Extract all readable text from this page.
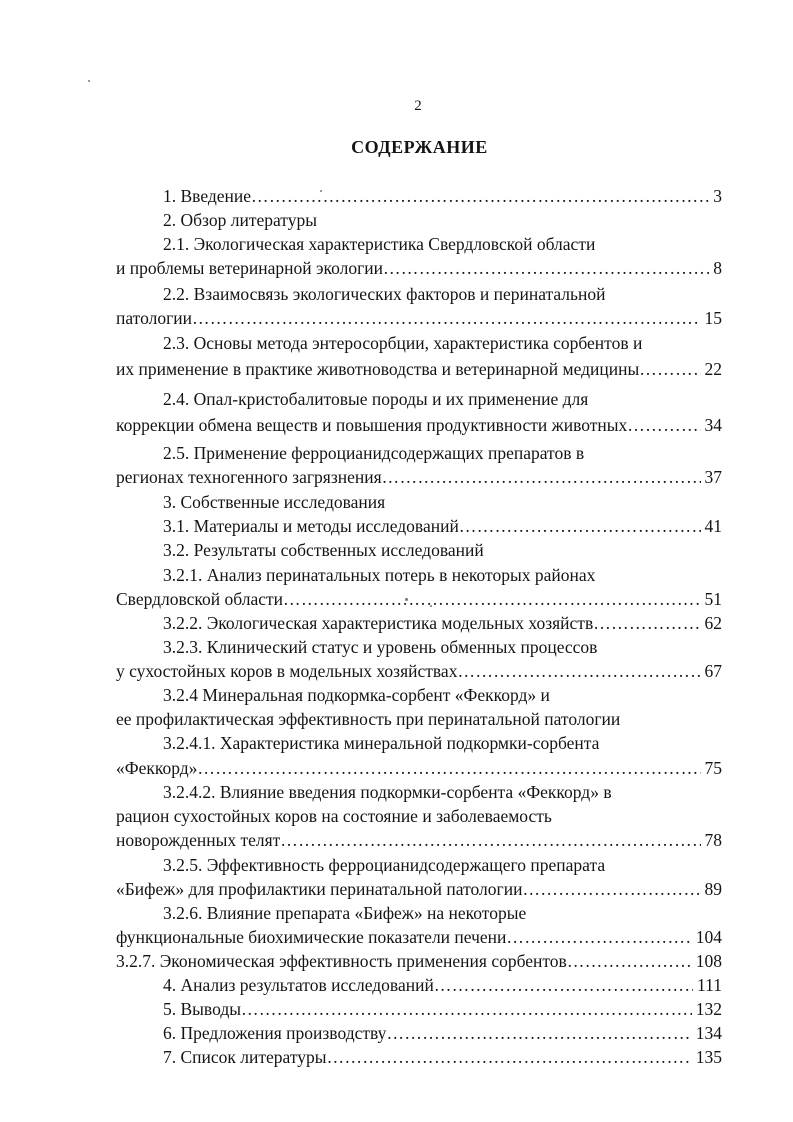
2
СОДЕРЖАНИЕ
1. Введение ……………………………………………………………………………………………………………………………………	3
2. Обзор литературы
2.1. Экологическая характеристика Свердловской области
и проблемы ветеринарной экологии ……………………………………………………………………………………………………………………………………	8
2.2. Взаимосвязь экологических факторов и перинатальной
патологии ……………………………………………………………………………………………………………………………………	15
2.3. Основы метода энтеросорбции, характеристика сорбентов и
их применение в практике животноводства и ветеринарной медицины ……………………………………………………………………………………………………………………………………	22
2.4. Опал-кристобалитовые породы и их применение для
коррекции обмена веществ и повышения продуктивности животных ……………………………………………………………………………………………………………………………………	34
2.5. Применение ферроцианидсодержащих препаратов в
регионах техногенного загрязнения ……………………………………………………………………………………………………………………………………	37
3. Собственные исследования
3.1. Материалы и методы исследований ……………………………………………………………………………………………………………………………………	41
3.2. Результаты собственных исследований
3.2.1. Анализ перинатальных потерь в некоторых районах
Свердловской области ……………………………………………………………………………………………………………………………………	51
3.2.2. Экологическая характеристика модельных хозяйств ……………………………………………………………………………………………………………………………………	62
3.2.3. Клинический статус и уровень обменных процессов
у сухостойных коров в модельных хозяйствах ……………………………………………………………………………………………………………………………………	67
3.2.4 Минеральная подкормка-сорбент «Феккорд» и
ее профилактическая эффективность при перинатальной патологии
3.2.4.1. Характеристика минеральной подкормки-сорбента
«Феккорд» ……………………………………………………………………………………………………………………………………	75
3.2.4.2. Влияние введения подкормки-сорбента «Феккорд» в
рацион сухостойных коров на состояние и заболеваемость
новорожденных телят ……………………………………………………………………………………………………………………………………	78
3.2.5. Эффективность ферроцианидсодержащего препарата
«Бифеж» для профилактики перинатальной патологии ……………………………………………………………………………………………………………………………………	89
3.2.6. Влияние препарата «Бифеж» на некоторые
функциональные биохимические показатели печени ……………………………………………………………………………………………………………………………………	104
3.2.7. Экономическая эффективность применения сорбентов ……………………………………………………………………………………………………………………………………	108
4. Анализ результатов исследований ……………………………………………………………………………………………………………………………………	111
5. Выводы ……………………………………………………………………………………………………………………………………	132
6. Предложения производству ……………………………………………………………………………………………………………………………………	134
7. Список литературы ……………………………………………………………………………………………………………………………………	135
